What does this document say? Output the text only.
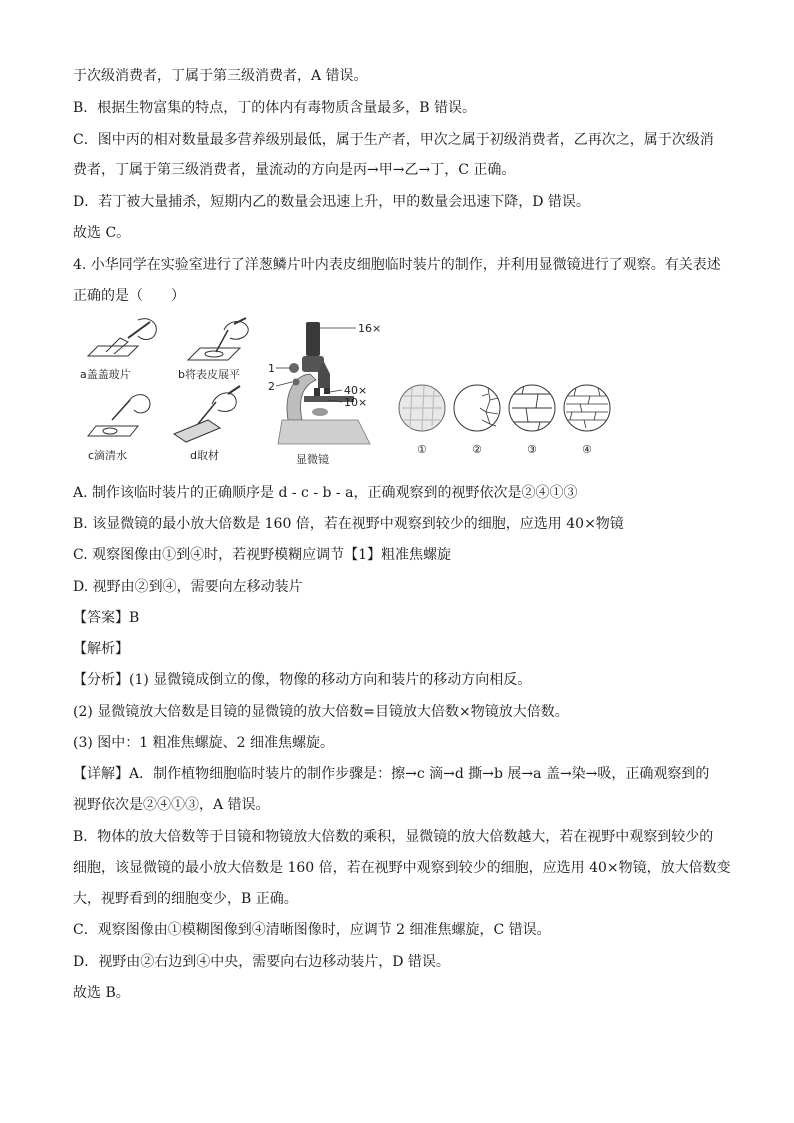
于次级消费者，丁属于第三级消费者，A 错误。
B．根据生物富集的特点，丁的体内有毒物质含量最多，B 错误。
C．图中丙的相对数量最多营养级别最低，属于生产者，甲次之属于初级消费者，乙再次之，属于次级消
费者，丁属于第三级消费者，量流动的方向是丙→甲→乙→丁，C 正确。
D．若丁被大量捕杀，短期内乙的数量会迅速上升，甲的数量会迅速下降，D 错误。
故选 C。
4. 小华同学在实验室进行了洋葱鳞片叶内表皮细胞临时装片的制作，并利用显微镜进行了观察。有关表述
正确的是（　　）
a盖盖玻片	b将表皮展平
c滴清水	d取材
16×
1
2	40×
10×
显微镜
①	②	③	④
A. 制作该临时装片的正确顺序是 d - c - b - a，正确观察到的视野依次是②④①③
B. 该显微镜的最小放大倍数是 160 倍，若在视野中观察到较少的细胞，应选用 40×物镜
C. 观察图像由①到④时，若视野模糊应调节【1】粗准焦螺旋
D. 视野由②到④，需要向左移动装片
【答案】B
【解析】
【分析】(1) 显微镜成倒立的像，物像的移动方向和装片的移动方向相反。
(2) 显微镜放大倍数是目镜的显微镜的放大倍数=目镜放大倍数×物镜放大倍数。
(3) 图中：1 粗准焦螺旋、2 细准焦螺旋。
【详解】A．制作植物细胞临时装片的制作步骤是：擦→c 滴→d 撕→b 展→a 盖→染→吸，正确观察到的
视野依次是②④①③，A 错误。
B．物体的放大倍数等于目镜和物镜放大倍数的乘积，显微镜的放大倍数越大，若在视野中观察到较少的
细胞，该显微镜的最小放大倍数是 160 倍，若在视野中观察到较少的细胞，应选用 40×物镜，放大倍数变
大，视野看到的细胞变少，B 正确。
C．观察图像由①模糊图像到④清晰图像时，应调节 2 细准焦螺旋，C 错误。
D．视野由②右边到④中央，需要向右边移动装片，D 错误。
故选 B。
